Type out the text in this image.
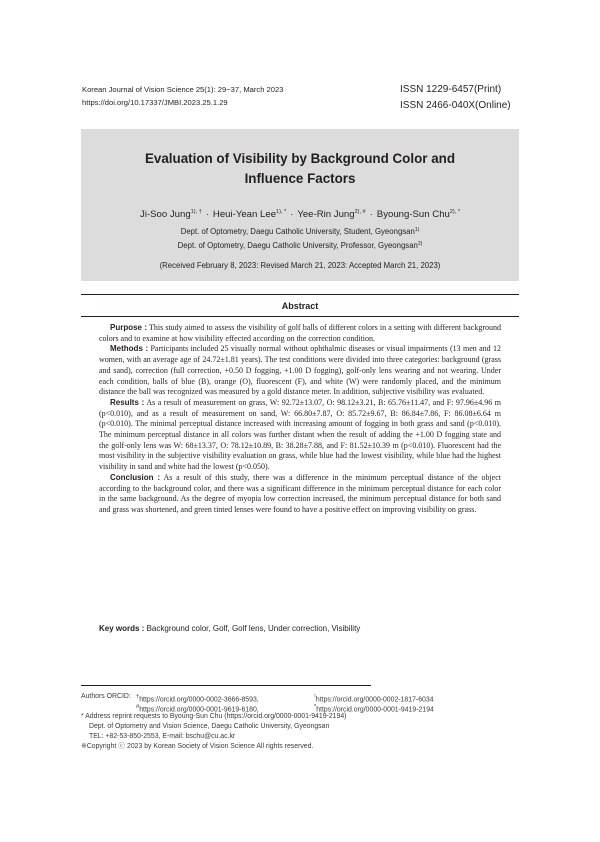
Korean Journal of Vision Science 25(1): 29~37, March 2023
https://doi.org/10.17337/JMBI.2023.25.1.29
ISSN 1229-6457(Print)
ISSN 2466-040X(Online)
Evaluation of Visibility by Background Color and
Influence Factors
Ji-Soo Jung$^{1), \dagger}$ · Heui-Yean Lee$^{1), *}$ · Yee-Rin Jung$^{2), \#}$ · Byoung-Sun Chu$^{2), *}$
Dept. of Optometry, Daegu Catholic University, Student, Gyeongsan$^{1)}$
Dept. of Optometry, Daegu Catholic University, Professor, Gyeongsan$^{2)}$
(Received February 8, 2023: Revised March 21, 2023: Accepted March 21, 2023)
Abstract

Purpose : This study aimed to assess the visibility of golf balls of different colors in a setting with different background colors and to examine at how visibility effected according on the correction condition.

Methods : Participants included 25 visually normal without ophthalmic diseases or visual impairments (13 men and 12 women, with an average age of 24.72±1.81 years). The test conditions were divided into three categories: background (grass and sand), correction (full correction, +0.50 D fogging, +1.00 D fogging), golf-only lens wearing and not wearing. Under each condition, balls of blue (B), orange (O), fluorescent (F), and white (W) were randomly placed, and the minimum distance the ball was recognized was measured by a gold distance meter. In addition, subjective visibility was evaluated.

Results : As a result of measurement on grass, W: 92.72±13.07, O: 98.12±3.21, B: 65.76±11.47, and F: 97.96±4.96 m (p<0.010), and as a result of measurement on sand, W: 66.80±7.87, O: 85.72±9.67, B: 86.84±7.86, F: 86.08±6.64 m (p<0.010). The minimal perceptual distance increased with increasing amount of fogging in both grass and sand (p<0.010). The minimum perceptual distance in all colors was further distant when the result of adding the +1.00 D fogging state and the golf-only lens was W: 68±13.37, O: 78.12±10.89, B: 38.28±7.88, and F: 81.52±10.39 m (p<0.010). Fluorescent had the most visibility in the subjective visibility evaluation on grass, while blue had the lowest visibility, while blue had the highest visibility in sand and white had the lowest (p<0.050).

Conclusion : As a result of this study, there was a difference in the minimum perceptual distance of the object according to the background color, and there was a significant difference in the minimum perceptual distance for each color in the same background. As the degree of myopia low correction increased, the minimum perceptual distance for both sand and grass was shortened, and green tinted lenses were found to have a positive effect on improving visibility on grass.

Key words : Background color, Golf, Golf lens, Under correction, Visibility
Authors ORCID: †https://orcid.org/0000-0002-3666-8593,	$^{^1}$https://orcid.org/0000-0002-1817-6034
#https://orcid.org/0000-0001-9619-6180,	*https://orcid.org/0000-0001-9419-2194
* Address reprint requests to Byoung-Sun Chu (https://orcid.org/0000-0001-9419-2194)
Dept. of Optometry and Vision Science, Daegu Catholic University, Gyeongsan
TEL: +82-53-850-2553, E-mail: bschu@cu.ac.kr
※Copyright ⓒ 2023 by Korean Society of Vision Science All rights reserved.
